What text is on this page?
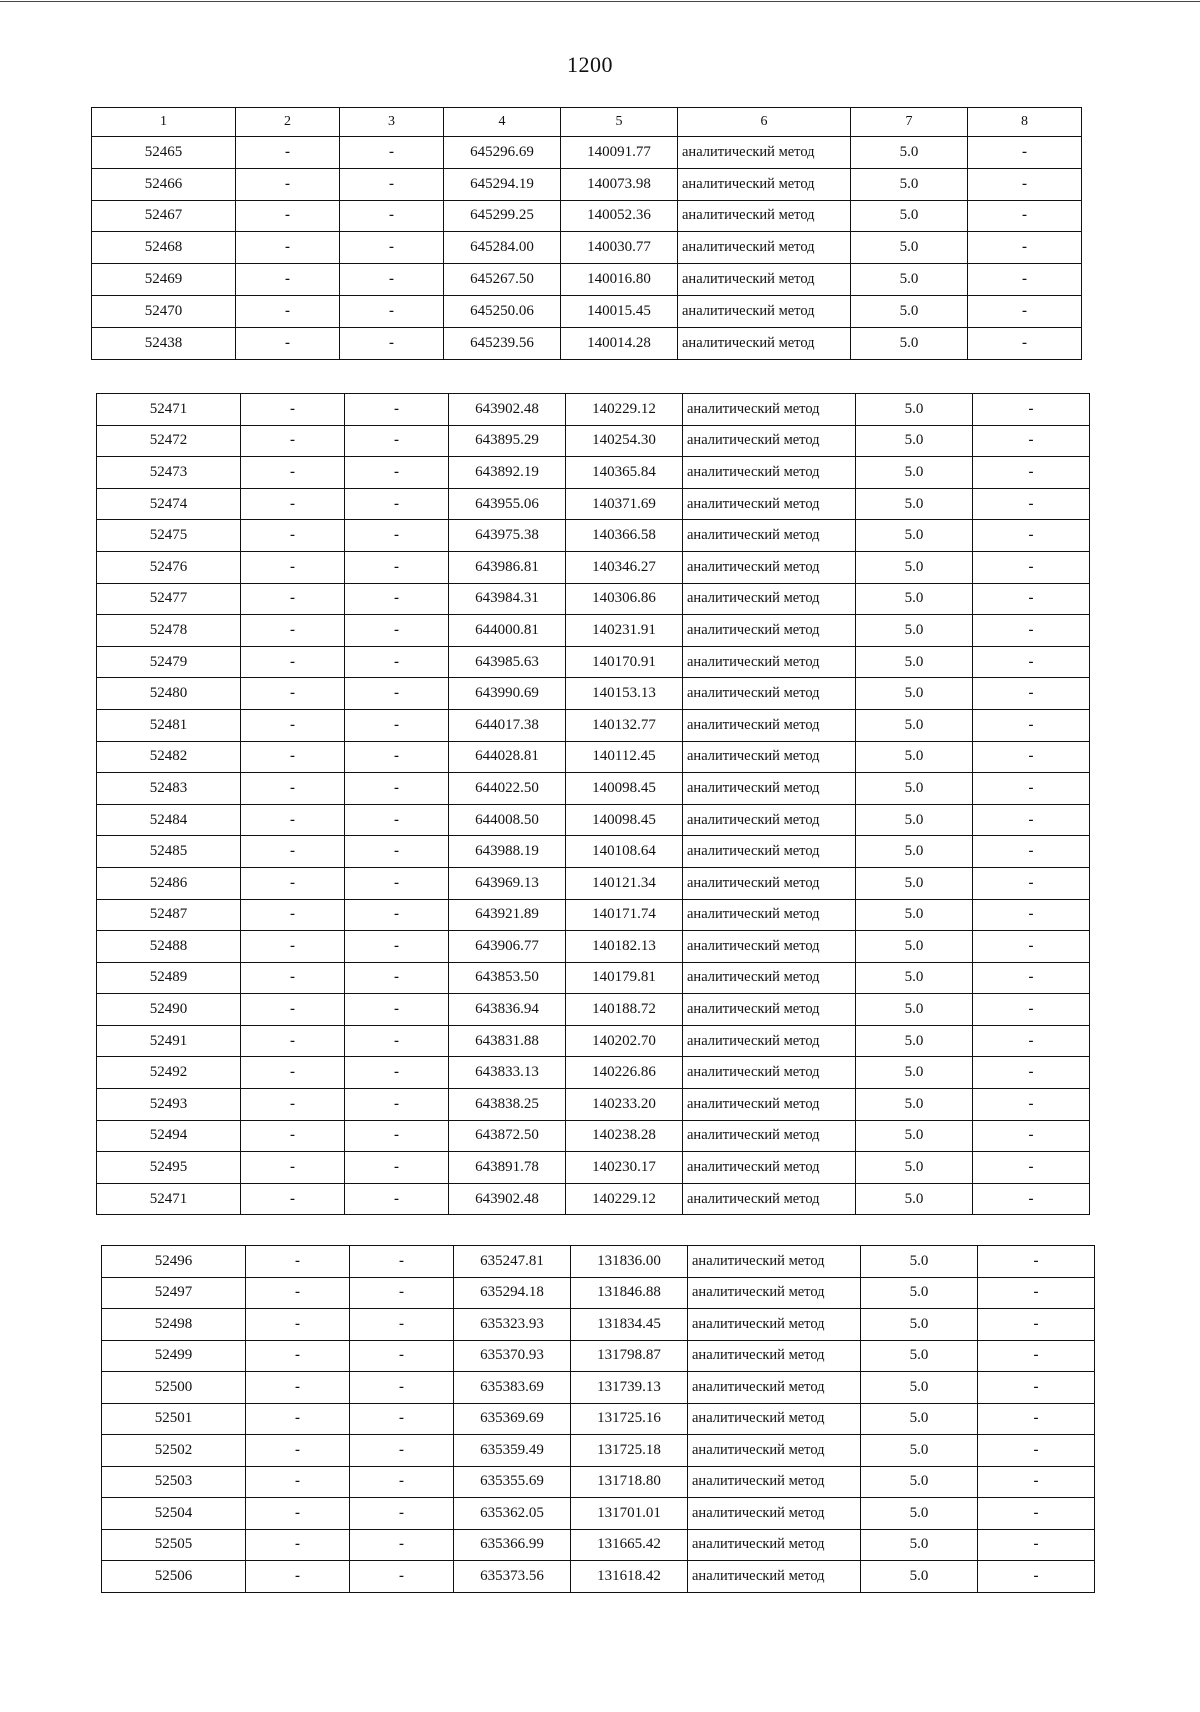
1200
1	2	3	4	5	6	7	8
52465	-	-	645296.69	140091.77	аналитический метод	5.0	-
52466	-	-	645294.19	140073.98	аналитический метод	5.0	-
52467	-	-	645299.25	140052.36	аналитический метод	5.0	-
52468	-	-	645284.00	140030.77	аналитический метод	5.0	-
52469	-	-	645267.50	140016.80	аналитический метод	5.0	-
52470	-	-	645250.06	140015.45	аналитический метод	5.0	-
52438	-	-	645239.56	140014.28	аналитический метод	5.0	-
52471	-	-	643902.48	140229.12	аналитический метод	5.0	-
52472	-	-	643895.29	140254.30	аналитический метод	5.0	-
52473	-	-	643892.19	140365.84	аналитический метод	5.0	-
52474	-	-	643955.06	140371.69	аналитический метод	5.0	-
52475	-	-	643975.38	140366.58	аналитический метод	5.0	-
52476	-	-	643986.81	140346.27	аналитический метод	5.0	-
52477	-	-	643984.31	140306.86	аналитический метод	5.0	-
52478	-	-	644000.81	140231.91	аналитический метод	5.0	-
52479	-	-	643985.63	140170.91	аналитический метод	5.0	-
52480	-	-	643990.69	140153.13	аналитический метод	5.0	-
52481	-	-	644017.38	140132.77	аналитический метод	5.0	-
52482	-	-	644028.81	140112.45	аналитический метод	5.0	-
52483	-	-	644022.50	140098.45	аналитический метод	5.0	-
52484	-	-	644008.50	140098.45	аналитический метод	5.0	-
52485	-	-	643988.19	140108.64	аналитический метод	5.0	-
52486	-	-	643969.13	140121.34	аналитический метод	5.0	-
52487	-	-	643921.89	140171.74	аналитический метод	5.0	-
52488	-	-	643906.77	140182.13	аналитический метод	5.0	-
52489	-	-	643853.50	140179.81	аналитический метод	5.0	-
52490	-	-	643836.94	140188.72	аналитический метод	5.0	-
52491	-	-	643831.88	140202.70	аналитический метод	5.0	-
52492	-	-	643833.13	140226.86	аналитический метод	5.0	-
52493	-	-	643838.25	140233.20	аналитический метод	5.0	-
52494	-	-	643872.50	140238.28	аналитический метод	5.0	-
52495	-	-	643891.78	140230.17	аналитический метод	5.0	-
52471	-	-	643902.48	140229.12	аналитический метод	5.0	-
52496	-	-	635247.81	131836.00	аналитический метод	5.0	-
52497	-	-	635294.18	131846.88	аналитический метод	5.0	-
52498	-	-	635323.93	131834.45	аналитический метод	5.0	-
52499	-	-	635370.93	131798.87	аналитический метод	5.0	-
52500	-	-	635383.69	131739.13	аналитический метод	5.0	-
52501	-	-	635369.69	131725.16	аналитический метод	5.0	-
52502	-	-	635359.49	131725.18	аналитический метод	5.0	-
52503	-	-	635355.69	131718.80	аналитический метод	5.0	-
52504	-	-	635362.05	131701.01	аналитический метод	5.0	-
52505	-	-	635366.99	131665.42	аналитический метод	5.0	-
52506	-	-	635373.56	131618.42	аналитический метод	5.0	-
